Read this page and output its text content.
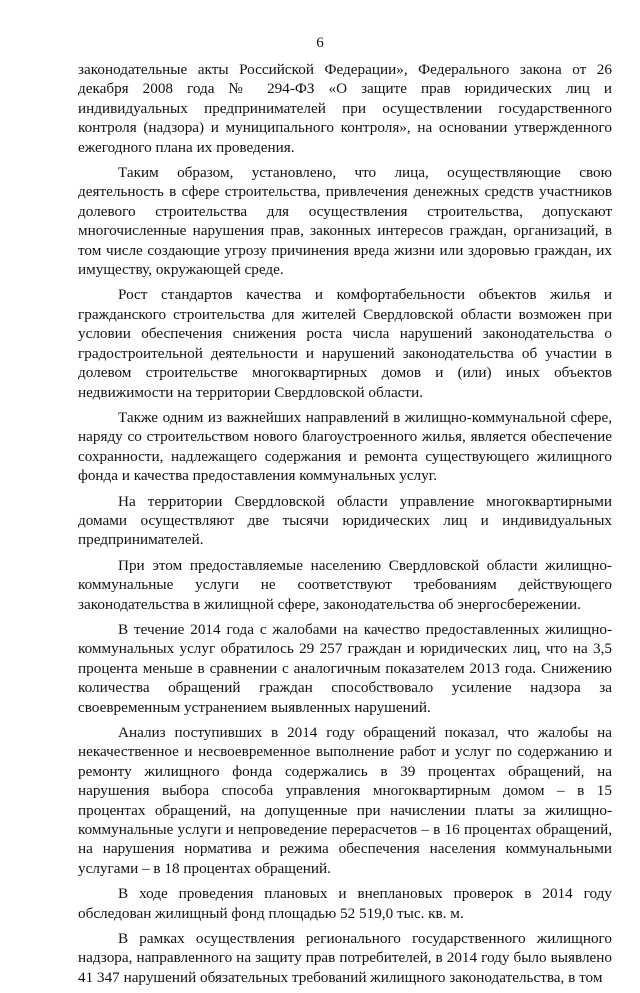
6

законодательные акты Российской Федерации», Федерального закона от 26 декабря 2008 года № 294-ФЗ «О защите прав юридических лиц и индивидуальных предпринимателей при осуществлении государственного контроля (надзора) и муниципального контроля», на основании утвержденного ежегодного плана их проведения.

Таким образом, установлено, что лица, осуществляющие свою деятельность в сфере строительства, привлечения денежных средств участников долевого строительства для осуществления строительства, допускают многочисленные нарушения прав, законных интересов граждан, организаций, в том числе создающие угрозу причинения вреда жизни или здоровью граждан, их имуществу, окружающей среде.

Рост стандартов качества и комфортабельности объектов жилья и гражданского строительства для жителей Свердловской области возможен при условии обеспечения снижения роста числа нарушений законодательства о градостроительной деятельности и нарушений законодательства об участии в долевом строительстве многоквартирных домов и (или) иных объектов недвижимости на территории Свердловской области.

Также одним из важнейших направлений в жилищно-коммунальной сфере, наряду со строительством нового благоустроенного жилья, является обеспечение сохранности, надлежащего содержания и ремонта существующего жилищного фонда и качества предоставления коммунальных услуг.

На территории Свердловской области управление многоквартирными домами осуществляют две тысячи юридических лиц и индивидуальных предпринимателей.

При этом предоставляемые населению Свердловской области жилищно-коммунальные услуги не соответствуют требованиям действующего законодательства в жилищной сфере, законодательства об энергосбережении.

В течение 2014 года с жалобами на качество предоставленных жилищно-коммунальных услуг обратилось 29 257 граждан и юридических лиц, что на 3,5 процента меньше в сравнении с аналогичным показателем 2013 года. Снижению количества обращений граждан способствовало усиление надзора за своевременным устранением выявленных нарушений.

Анализ поступивших в 2014 году обращений показал, что жалобы на некачественное и несвоевременное выполнение работ и услуг по содержанию и ремонту жилищного фонда содержались в 39 процентах обращений, на нарушения выбора способа управления многоквартирным домом – в 15 процентах обращений, на допущенные при начислении платы за жилищно-коммунальные услуги и непроведение перерасчетов – в 16 процентах обращений, на нарушения норматива и режима обеспечения населения коммунальными услугами – в 18 процентах обращений.

В ходе проведения плановых и внеплановых проверок в 2014 году обследован жилищный фонд площадью 52 519,0 тыс. кв. м.

В рамках осуществления регионального государственного жилищного надзора, направленного на защиту прав потребителей, в 2014 году было выявлено 41 347 нарушений обязательных требований жилищного законодательства, в том
